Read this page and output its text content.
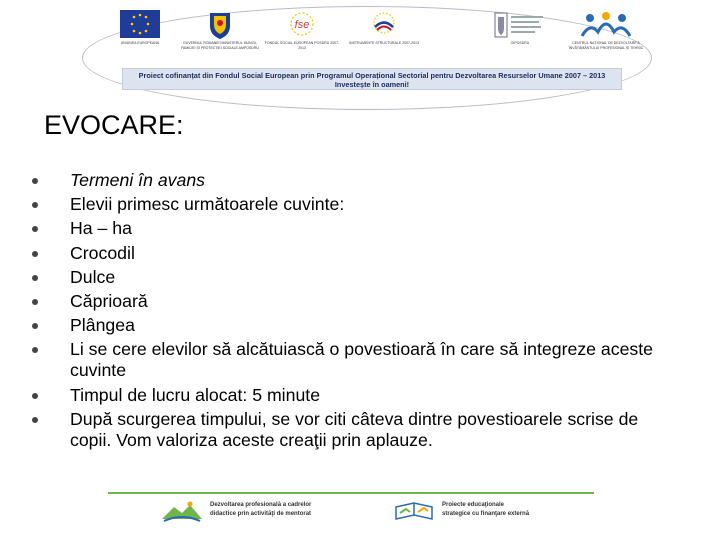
UNIUNEA EUROPEANĂ	GUVERNUL ROMÂNIEI MINISTERUL MUNCII, FAMILIEI ȘI PROTECȚIEI SOCIALE AMPOSDRU
fse
FONDUL SOCIAL EUROPEAN POSDRU 2007-2013
INSTRUMENTE STRUCTURALE 2007-2013	OIPOSDRU	CENTRUL NAȚIONAL DE DEZVOLTARE A ÎNVĂȚĂMÂNTULUI PROFESIONAL ȘI TEHNIC
Proiect cofinanțat din Fondul Social European prin Programul Operațional Sectorial pentru Dezvoltarea Resurselor Umane 2007 – 2013
Investește în oameni!
EVOCARE:
Termeni în avans
Elevii primesc următoarele cuvinte:
Ha – ha
Crocodil
Dulce
Căprioară
Plângea
Li se cere elevilor să alcătuiască o povestioară în care să integreze aceste cuvinte
Timpul de lucru alocat: 5 minute
După scurgerea timpului, se vor citi câteva dintre povestioarele scrise de copii. Vom valoriza aceste creaţii prin aplauze.
Dezvoltarea profesională a cadrelor
didactice prin activităţi de mentorat
Proiecte educaţionale
strategice cu finanţare externă
